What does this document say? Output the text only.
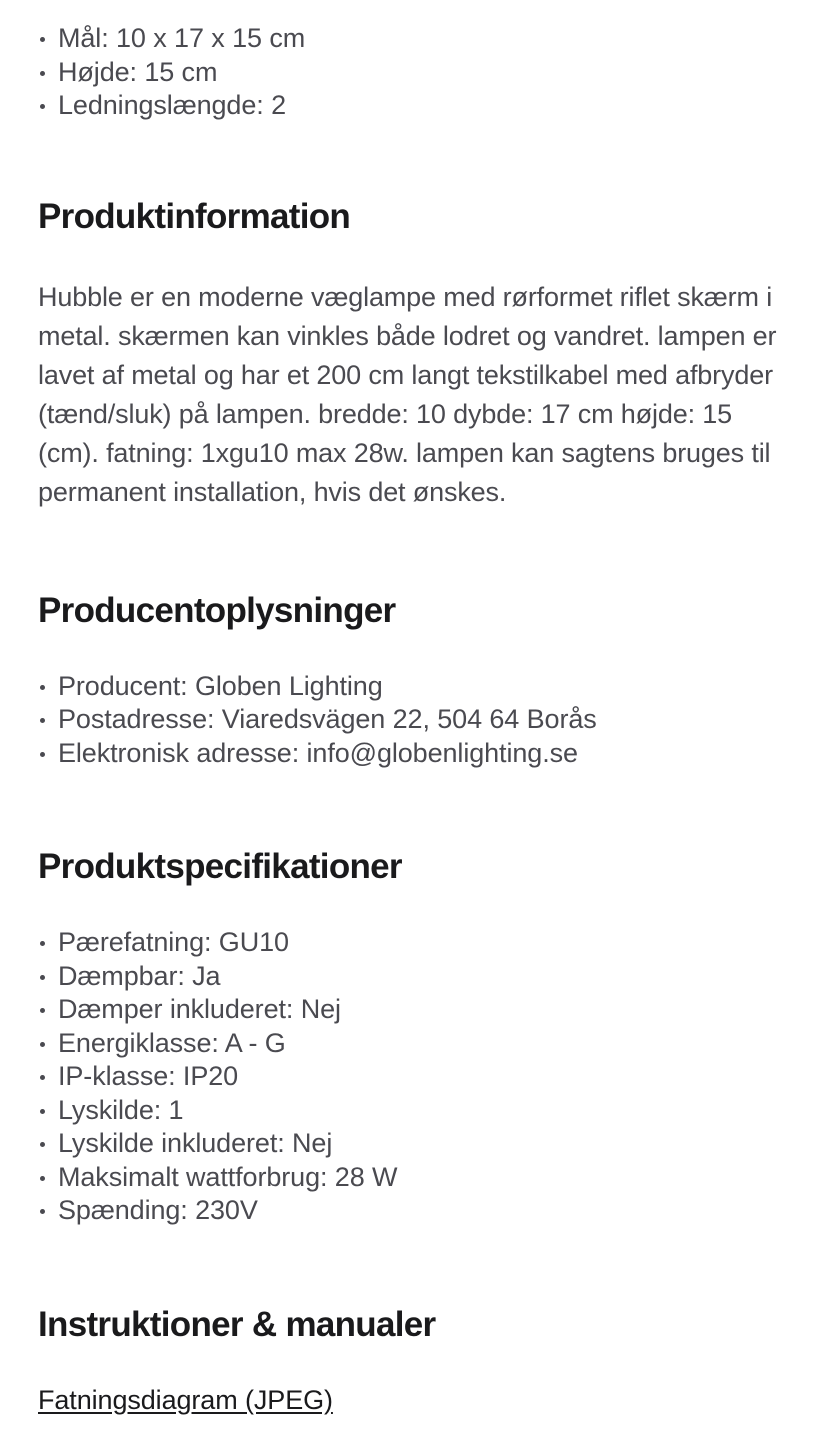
Mål: 10 x 17 x 15 cm
Højde: 15 cm
Ledningslængde: 2
Produktinformation

Hubble er en moderne væglampe med rørformet riflet skærm i metal. skærmen kan vinkles både lodret og vandret. lampen er lavet af metal og har et 200 cm langt tekstilkabel med afbryder (tænd/sluk) på lampen. bredde: 10 dybde: 17 cm højde: 15 (cm). fatning: 1xgu10 max 28w. lampen kan sagtens bruges til permanent installation, hvis det ønskes.

Producentoplysninger
Producent: Globen Lighting
Postadresse: Viaredsvägen 22, 504 64 Borås
Elektronisk adresse: info@globenlighting.se
Produktspecifikationer
Pærefatning: GU10
Dæmpbar: Ja
Dæmper inkluderet: Nej
Energiklasse: A - G
IP-klasse: IP20
Lyskilde: 1
Lyskilde inkluderet: Nej
Maksimalt wattforbrug: 28 W
Spænding: 230V
Instruktioner & manualer
Fatningsdiagram (JPEG)
